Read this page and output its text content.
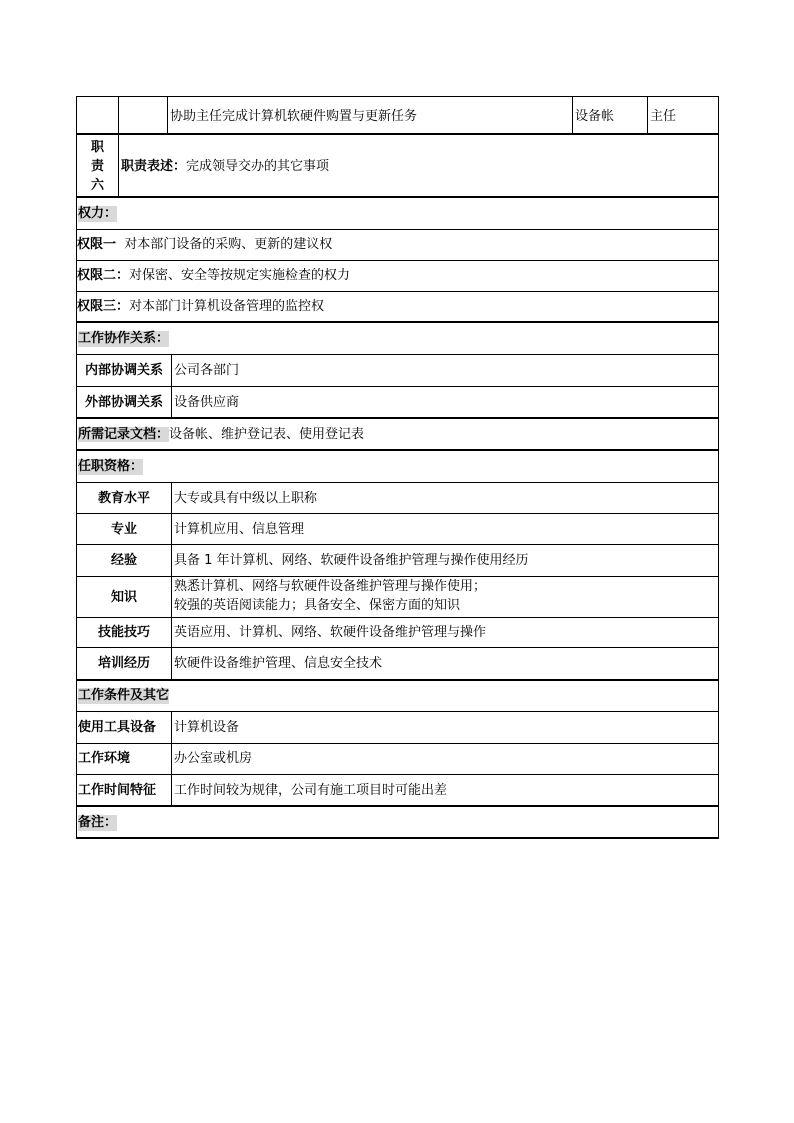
协助主任完成计算机软硬件购置与更新任务	设备帐	主任
职
责
六
职责表述：完成领导交办的其它事项
权力：
权限一  对本部门设备的采购、更新的建议权
权限二：对保密、安全等按规定实施检查的权力
权限三：对本部门计算机设备管理的监控权
工作协作关系：
内部协调关系 公司各部门
外部协调关系 设备供应商
所需记录文档：设备帐、维护登记表、使用登记表
任职资格：
教育水平	大专或具有中级以上职称
专业	计算机应用、信息管理
经验	具备 1 年计算机、网络、软硬件设备维护管理与操作使用经历
知识
熟悉计算机、网络与软硬件设备维护管理与操作使用；
较强的英语阅读能力；具备安全、保密方面的知识
技能技巧	英语应用、计算机、网络、软硬件设备维护管理与操作
培训经历	软硬件设备维护管理、信息安全技术
工作条件及其它
使用工具设备 计算机设备
工作环境	办公室或机房
工作时间特征 工作时间较为规律，公司有施工项目时可能出差
备注：
